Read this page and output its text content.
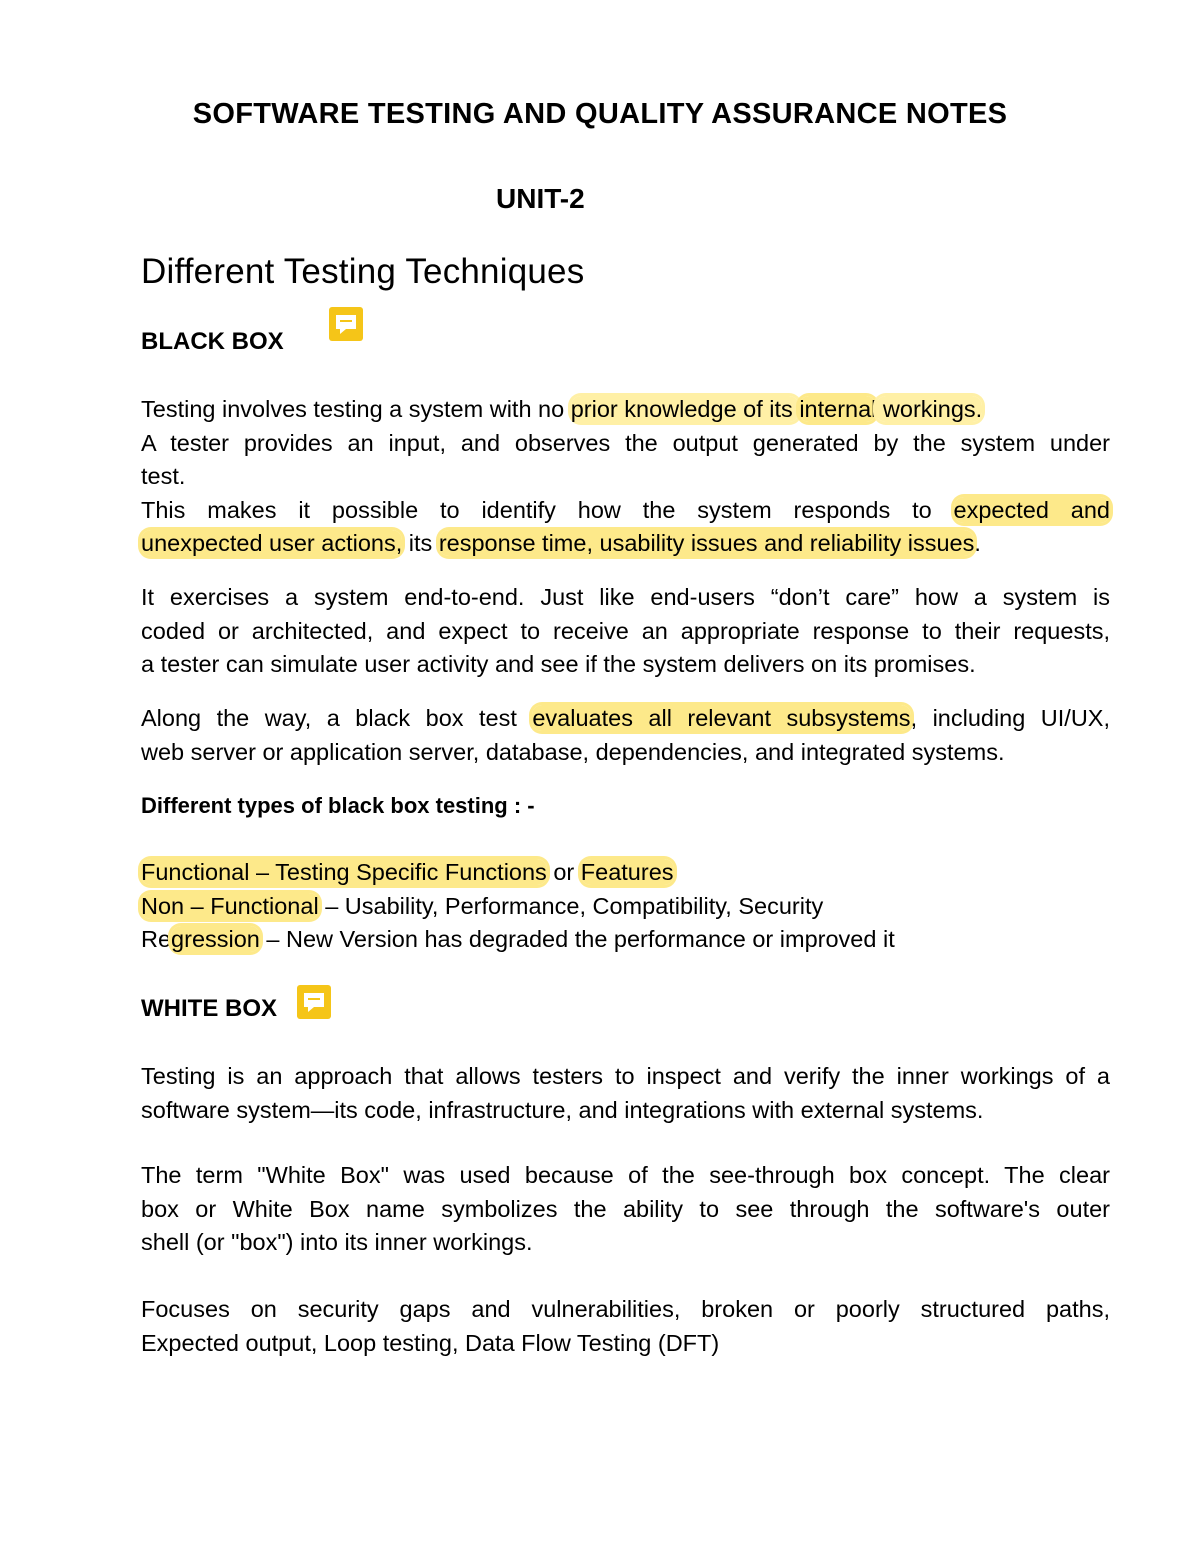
SOFTWARE TESTING AND QUALITY ASSURANCE NOTES
UNIT-2
Different Testing Techniques
BLACK BOX
Testing involves testing a system with no prior knowledge of its internal workings.
A tester provides an input, and observes the output generated by the system under
test.
This makes it possible to identify how the system responds to expected and
unexpected user actions, its response time, usability issues and reliability issues.
It exercises a system end-to-end. Just like end-users “don’t care” how a system is
coded or architected, and expect to receive an appropriate response to their requests,
a tester can simulate user activity and see if the system delivers on its promises.
Along the way, a black box test evaluates all relevant subsystems, including UI/UX,
web server or application server, database, dependencies, and integrated systems.
Different types of black box testing : -
Functional – Testing Specific Functions or Features
Non – Functional – Usability, Performance, Compatibility, Security
Regression – New Version has degraded the performance or improved it
WHITE BOX
Testing is an approach that allows testers to inspect and verify the inner workings of a
software system—its code, infrastructure, and integrations with external systems.
The term "White Box" was used because of the see-through box concept. The clear
box or White Box name symbolizes the ability to see through the software's outer
shell (or "box") into its inner workings.
Focuses on security gaps and vulnerabilities, broken or poorly structured paths,
Expected output, Loop testing, Data Flow Testing (DFT)
